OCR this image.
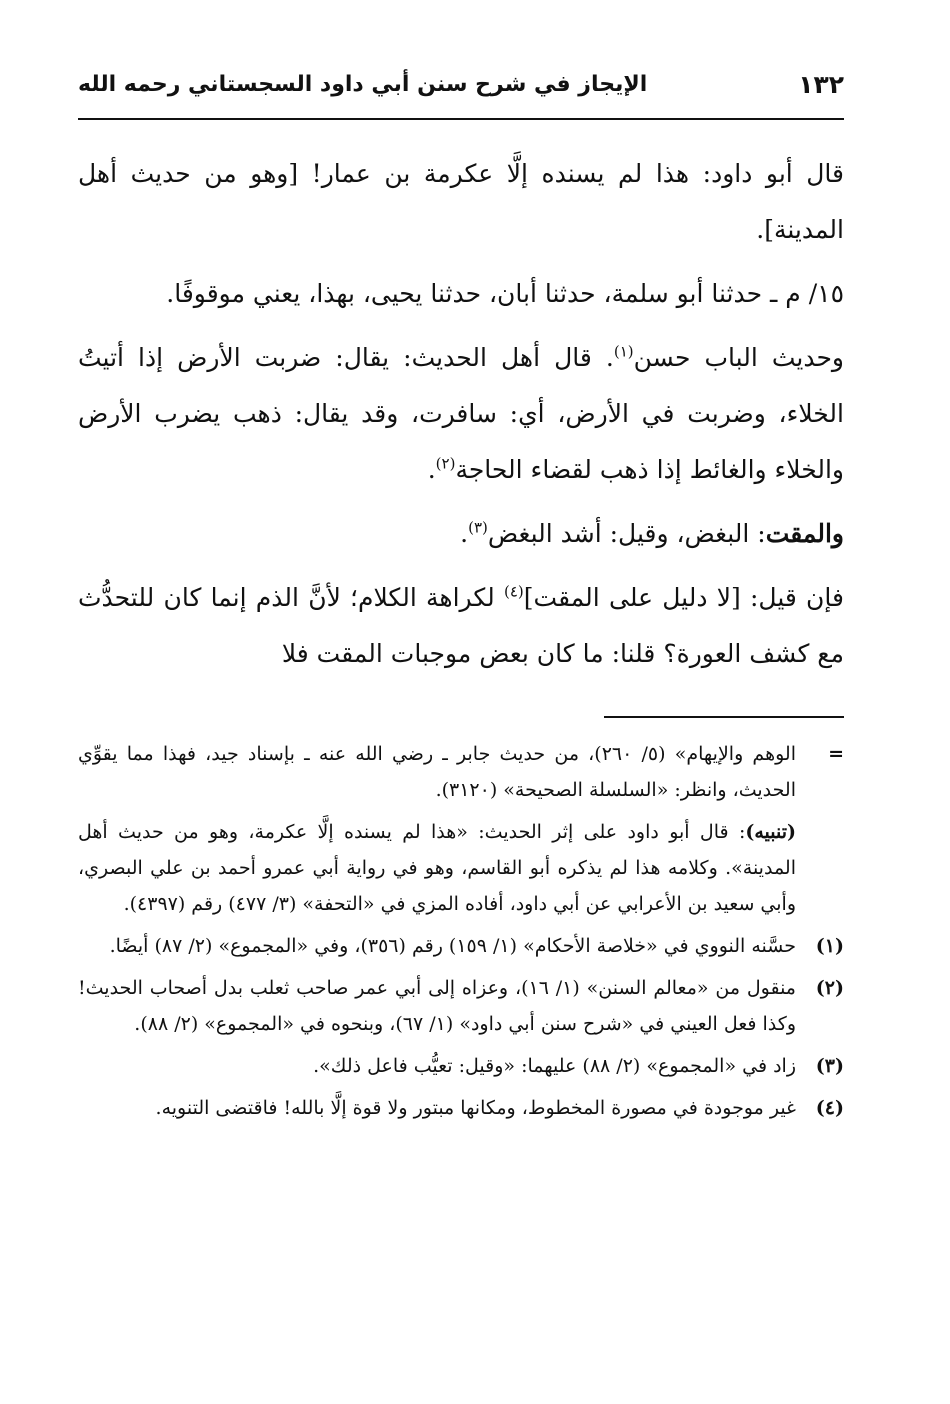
١٣٢
الإيجاز في شرح سنن أبي داود السجستاني رحمه الله

قال أبو داود: هذا لم يسنده إلَّا عكرمة بن عمار! [وهو من حديث أهل المدينة].

١٥/ م ـ حدثنا أبو سلمة، حدثنا أبان، حدثنا يحيى، بهذا، يعني موقوفًا.

وحديث الباب حسن$^{(١)}$. قال أهل الحديث: يقال: ضربت الأرض إذا أتيتُ الخلاء، وضربت في الأرض، أي: سافرت، وقد يقال: ذهب يضرب الأرض والخلاء والغائط إذا ذهب لقضاء الحاجة$^{(٢)}$.

والمقت: البغض، وقيل: أشد البغض$^{(٣)}$.

فإن قيل: [لا دليل على المقت]$^{(٤)}$ لكراهة الكلام؛ لأنَّ الذم إنما كان للتحدُّث مع كشف العورة؟ قلنا: ما كان بعض موجبات المقت فلا

=
الوهم والإيهام» (٥/ ٢٦٠)، من حديث جابر ـ رضي الله عنه ـ بإسناد جيد، فهذا مما يقوِّي الحديث، وانظر: «السلسلة الصحيحة» (٣١٢٠).
(تنبيه): قال أبو داود على إثر الحديث: «هذا لم يسنده إلَّا عكرمة، وهو من حديث أهل المدينة». وكلامه هذا لم يذكره أبو القاسم، وهو في رواية أبي عمرو أحمد بن علي البصري، وأبي سعيد بن الأعرابي عن أبي داود، أفاده المزي في «التحفة» (٣/ ٤٧٧) رقم (٤٣٩٧).
(١)
حسَّنه النووي في «خلاصة الأحكام» (١/ ١٥٩) رقم (٣٥٦)، وفي «المجموع» (٢/ ٨٧) أيضًا.
(٢)
منقول من «معالم السنن» (١/ ١٦)، وعزاه إلى أبي عمر صاحب ثعلب بدل أصحاب الحديث! وكذا فعل العيني في «شرح سنن أبي داود» (١/ ٦٧)، وبنحوه في «المجموع» (٢/ ٨٨).
(٣)
زاد في «المجموع» (٢/ ٨٨) عليهما: «وقيل: تعيُّب فاعل ذلك».
(٤)
غير موجودة في مصورة المخطوط، ومكانها مبتور ولا قوة إلَّا بالله! فاقتضى التنويه.
